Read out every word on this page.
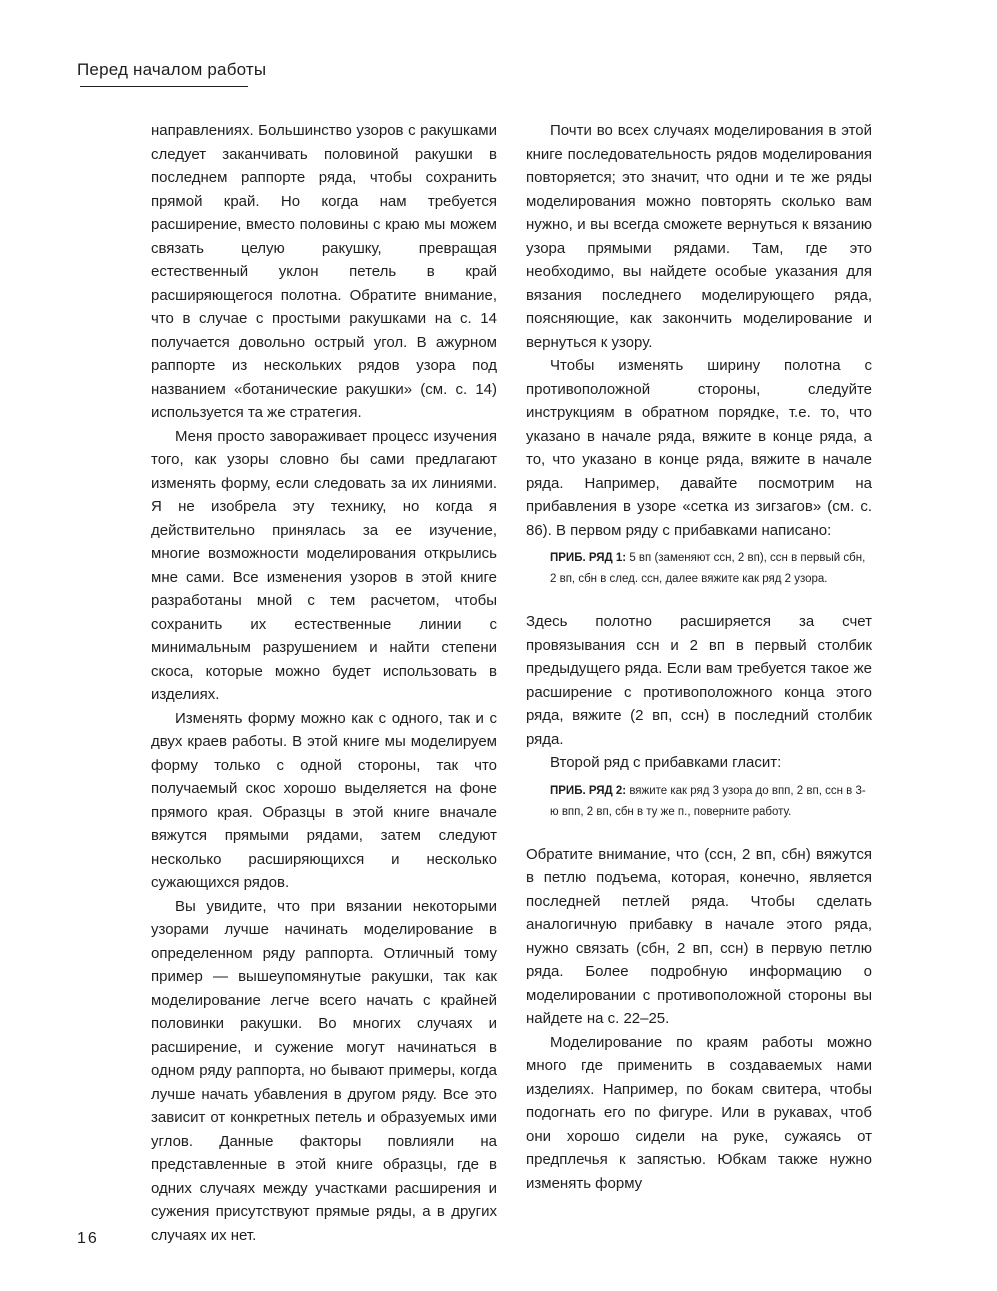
Перед началом работы

направлениях. Большинство узоров с ракушками следует заканчивать половиной ракушки в последнем раппорте ряда, чтобы сохранить прямой край. Но когда нам требуется расширение, вместо половины с краю мы можем связать целую ракушку, превращая естественный уклон петель в край расширяющегося полотна. Обратите внимание, что в случае с простыми ракушками на с. 14 получается довольно острый угол. В ажурном раппорте из нескольких рядов узора под названием «ботанические ракушки» (см. с. 14) используется та же стратегия.

Меня просто завораживает процесс изучения того, как узоры словно бы сами предлагают изменять форму, если следовать за их линиями. Я не изобрела эту технику, но когда я действительно принялась за ее изучение, многие возможности моделирования открылись мне сами. Все изменения узоров в этой книге разработаны мной с тем расчетом, чтобы сохранить их естественные линии с минимальным разрушением и найти степени скоса, которые можно будет использовать в изделиях.

Изменять форму можно как с одного, так и с двух краев работы. В этой книге мы моделируем форму только с одной стороны, так что получаемый скос хорошо выделяется на фоне прямого края. Образцы в этой книге вначале вяжутся прямыми рядами, затем следуют несколько расширяющихся и несколько сужающихся рядов.

Вы увидите, что при вязании некоторыми узорами лучше начинать моделирование в определенном ряду раппорта. Отличный тому пример — вышеупомянутые ракушки, так как моделирование легче всего начать с крайней половинки ракушки. Во многих случаях и расширение, и сужение могут начинаться в одном ряду раппорта, но бывают примеры, когда лучше начать убавления в другом ряду. Все это зависит от конкретных петель и образуемых ими углов. Данные факторы повлияли на представленные в этой книге образцы, где в одних случаях между участками расширения и сужения присутствуют прямые ряды, а в других случаях их нет.

Почти во всех случаях моделирования в этой книге последовательность рядов моделирования повторяется; это значит, что одни и те же ряды моделирования можно повторять сколько вам нужно, и вы всегда сможете вернуться к вязанию узора прямыми рядами. Там, где это необходимо, вы найдете особые указания для вязания последнего моделирующего ряда, поясняющие, как закончить моделирование и вернуться к узору.

Чтобы изменять ширину полотна с противоположной стороны, следуйте инструкциям в обратном порядке, т.е. то, что указано в начале ряда, вяжите в конце ряда, а то, что указано в конце ряда, вяжите в начале ряда. Например, давайте посмотрим на прибавления в узоре «сетка из зигзагов» (см. с. 86). В первом ряду с прибавками написано:

ПРИБ. РЯД 1: 5 вп (заменяют ссн, 2 вп), ссн в первый сбн, 2 вп, сбн в след. ссн, далее вяжите как ряд 2 узора.

Здесь полотно расширяется за счет провязывания ссн и 2 вп в первый столбик предыдущего ряда. Если вам требуется такое же расширение с противоположного конца этого ряда, вяжите (2 вп, ссн) в последний столбик ряда.

Второй ряд с прибавками гласит:

ПРИБ. РЯД 2: вяжите как ряд 3 узора до впп, 2 вп, ссн в 3-ю впп, 2 вп, сбн в ту же п., поверните работу.

Обратите внимание, что (ссн, 2 вп, сбн) вяжутся в петлю подъема, которая, конечно, является последней петлей ряда. Чтобы сделать аналогичную прибавку в начале этого ряда, нужно связать (сбн, 2 вп, ссн) в первую петлю ряда. Более подробную информацию о моделировании с противоположной стороны вы найдете на с. 22–25.

Моделирование по краям работы можно много где применить в создаваемых нами изделиях. Например, по бокам свитера, чтобы подогнать его по фигуре. Или в рукавах, чтоб они хорошо сидели на руке, сужаясь от предплечья к запястью. Юбкам также нужно изменять форму

16
